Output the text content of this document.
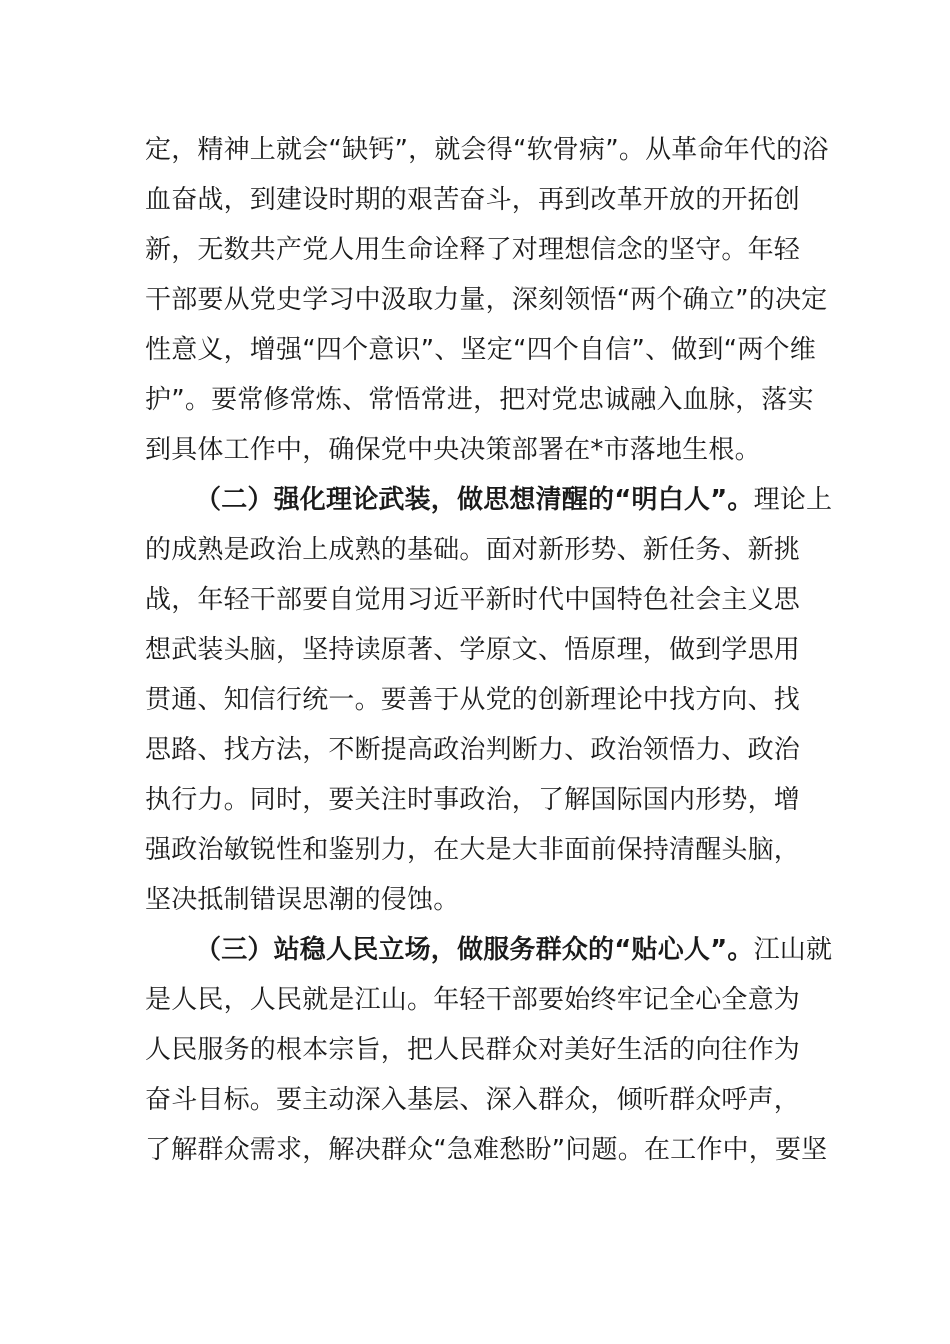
定，精神上就会“缺钙”，就会得“软骨病”。从革命年代的浴
血奋战，到建设时期的艰苦奋斗，再到改革开放的开拓创
新，无数共产党人用生命诠释了对理想信念的坚守。年轻
干部要从党史学习中汲取力量，深刻领悟“两个确立”的决定
性意义，增强“四个意识”、坚定“四个自信”、做到“两个维
护”。要常修常炼、常悟常进，把对党忠诚融入血脉，落实
到具体工作中，确保党中央决策部署在*市落地生根。
（二）强化理论武装，做思想清醒的“明白人”。理论上
的成熟是政治上成熟的基础。面对新形势、新任务、新挑
战，年轻干部要自觉用习近平新时代中国特色社会主义思
想武装头脑，坚持读原著、学原文、悟原理，做到学思用
贯通、知信行统一。要善于从党的创新理论中找方向、找
思路、找方法，不断提高政治判断力、政治领悟力、政治
执行力。同时，要关注时事政治，了解国际国内形势，增
强政治敏锐性和鉴别力，在大是大非面前保持清醒头脑，
坚决抵制错误思潮的侵蚀。
（三）站稳人民立场，做服务群众的“贴心人”。江山就
是人民，人民就是江山。年轻干部要始终牢记全心全意为
人民服务的根本宗旨，把人民群众对美好生活的向往作为
奋斗目标。要主动深入基层、深入群众，倾听群众呼声，
了解群众需求，解决群众“急难愁盼”问题。在工作中，要坚
